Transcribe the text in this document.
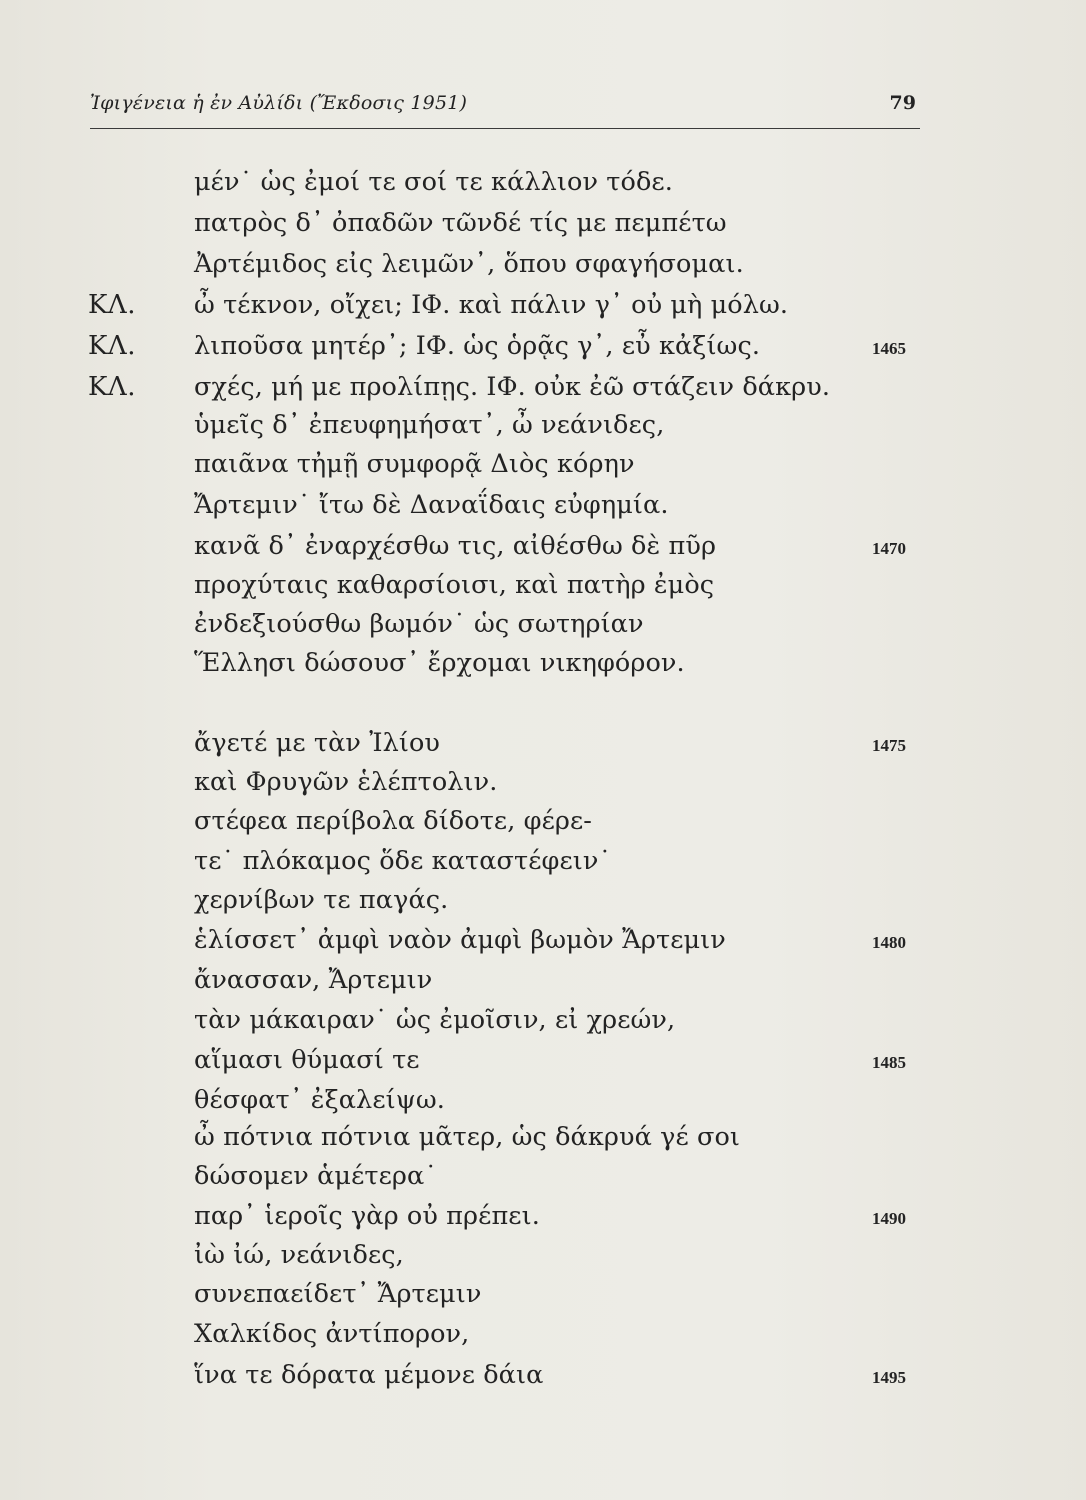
Ἰφιγένεια ἡ ἐν Αὐλίδι (Ἔκδοσις 1951)	79
μέν˙ ὡς ἐμοί τε σοί τε κάλλιον τόδε.
πατρὸς δ᾽ ὀπαδῶν τῶνδέ τίς με πεμπέτω
Ἀρτέμιδος εἰς λειμῶν᾽, ὅπου σφαγήσομαι.
ΚΛ. ὦ τέκνον, οἴχει; ΙΦ. καὶ πάλιν γ᾽ οὐ μὴ μόλω.
ΚΛ. λιποῦσα μητέρ᾽; ΙΦ. ὡς ὁρᾷς γ᾽, εὖ κἀξίως.	1465
ΚΛ. σχές, μή με προλίπῃς. ΙΦ. οὐκ ἐῶ στάζειν δάκρυ.
ὑμεῖς δ᾽ ἐπευφημήσατ᾽, ὦ νεάνιδες,
παιᾶνα τἠμῇ συμφορᾷ Διὸς κόρην
Ἄρτεμιν˙ ἴτω δὲ Δαναΐδαις εὐφημία.
κανᾶ δ᾽ ἐναρχέσθω τις, αἰθέσθω δὲ πῦρ	1470
προχύταις καθαρσίοισι, καὶ πατὴρ ἐμὸς
ἐνδεξιούσθω βωμόν˙ ὡς σωτηρίαν
Ἕλλησι δώσουσ᾽ ἔρχομαι νικηφόρον.
ἄγετέ με τὰν Ἰλίου	1475
καὶ Φρυγῶν ἑλέπτολιν.
στέφεα περίβολα δίδοτε, φέρε-
τε˙ πλόκαμος ὅδε καταστέφειν˙
χερνίβων τε παγάς.
ἑλίσσετ᾽ ἀμφὶ ναὸν ἀμφὶ βωμὸν Ἄρτεμιν	1480
ἄνασσαν, Ἄρτεμιν
τὰν μάκαιραν˙ ὡς ἐμοῖσιν, εἰ χρεών,
αἵμασι θύμασί τε	1485
θέσφατ᾽ ἐξαλείψω.
ὦ πότνια πότνια μᾶτερ, ὡς δάκρυά γέ σοι
δώσομεν ἁμέτερα˙
παρ᾽ ἱεροῖς γὰρ οὐ πρέπει.	1490
ἰὼ ἰώ, νεάνιδες,
συνεπαείδετ᾽ Ἄρτεμιν
Χαλκίδος ἀντίπορον,
ἵνα τε δόρατα μέμονε δάια	1495
